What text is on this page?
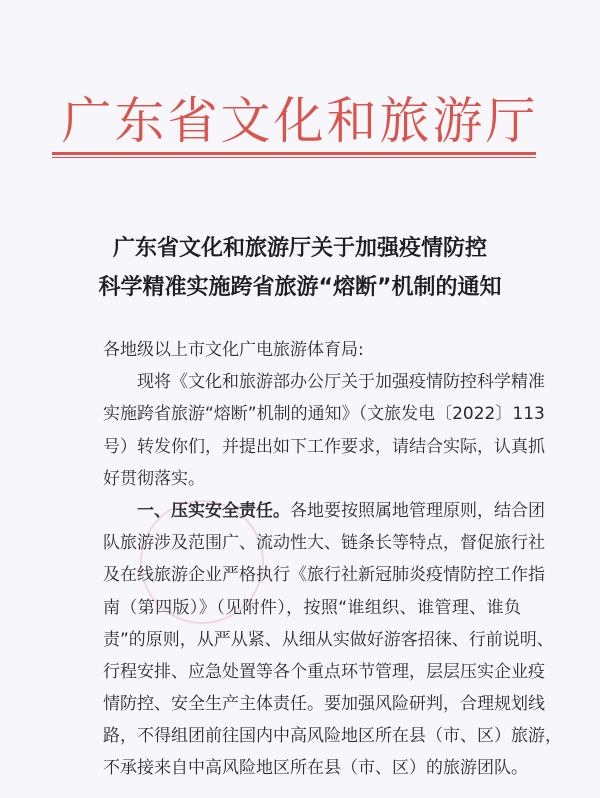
广东省文化和旅游厅
广东省文化和旅游厅关于加强疫情防控
科学精准实施跨省旅游“熔断”机制的通知
各地级以上市文化广电旅游体育局:
现将《文化和旅游部办公厅关于加强疫情防控科学精准
实施跨省旅游“熔断”机制的通知》（文旅发电〔2022〕113
号）转发你们，并提出如下工作要求，请结合实际，认真抓
好贯彻落实。
一、压实安全责任。 各地要按照属地管理原则，结合团
队旅游涉及范围广、流动性大、链条长等特点，督促旅行社
及在线旅游企业严格执行《旅行社新冠肺炎疫情防控工作指
南（第四版）》（见附件），按照“谁组织、谁管理、谁负
责”的原则，从严从紧、从细从实做好游客招徕、行前说明、
行程安排、应急处置等各个重点环节管理，层层压实企业疫
情防控、安全生产主体责任。要加强风险研判，合理规划线
路，不得组团前往国内中高风险地区所在县（市、区）旅游，
不承接来自中高风险地区所在县（市、区）的旅游团队。
